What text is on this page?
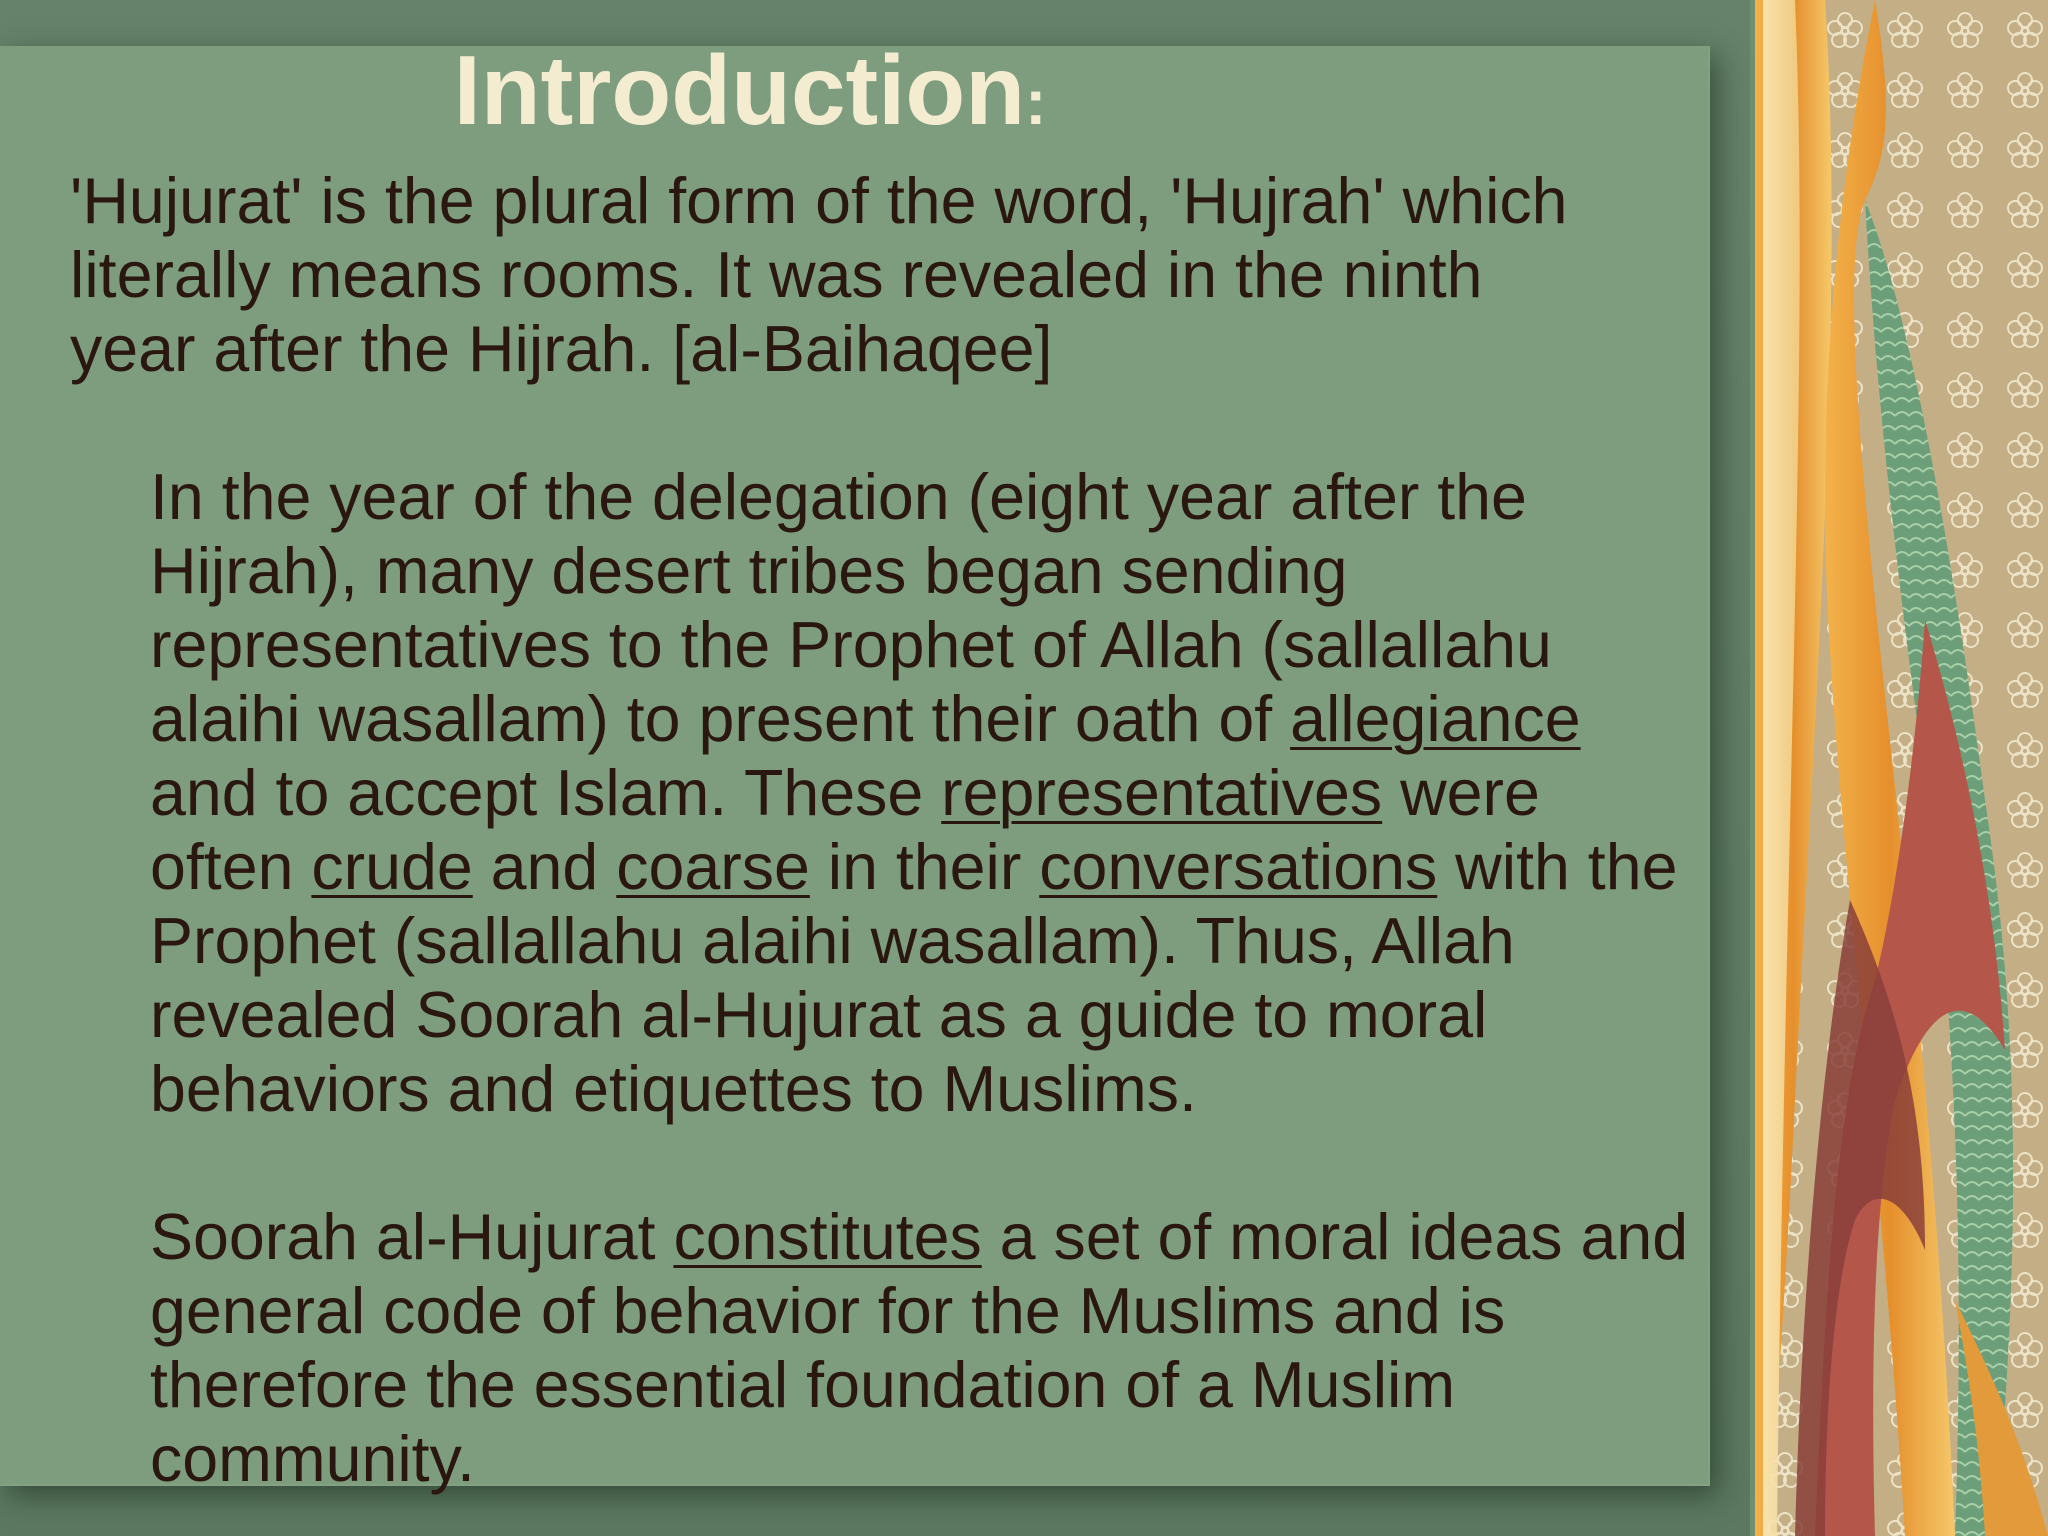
Introduction:

'Hujurat' is the plural form of the word, 'Hujrah' which
literally means rooms. It was revealed in the ninth
year after the Hijrah. [al-Baihaqee]

In the year of the delegation (eight year after the
Hijrah), many desert tribes began sending
representatives to the Prophet of Allah (sallallahu
alaihi wasallam) to present their oath of allegiance
and to accept Islam. These representatives were
often crude and coarse in their conversations with the
Prophet (sallallahu alaihi wasallam). Thus, Allah
revealed Soorah al-Hujurat as a guide to moral
behaviors and etiquettes to Muslims.

Soorah al-Hujurat constitutes a set of moral ideas and
general code of behavior for the Muslims and is
therefore the essential foundation of a Muslim
community.
